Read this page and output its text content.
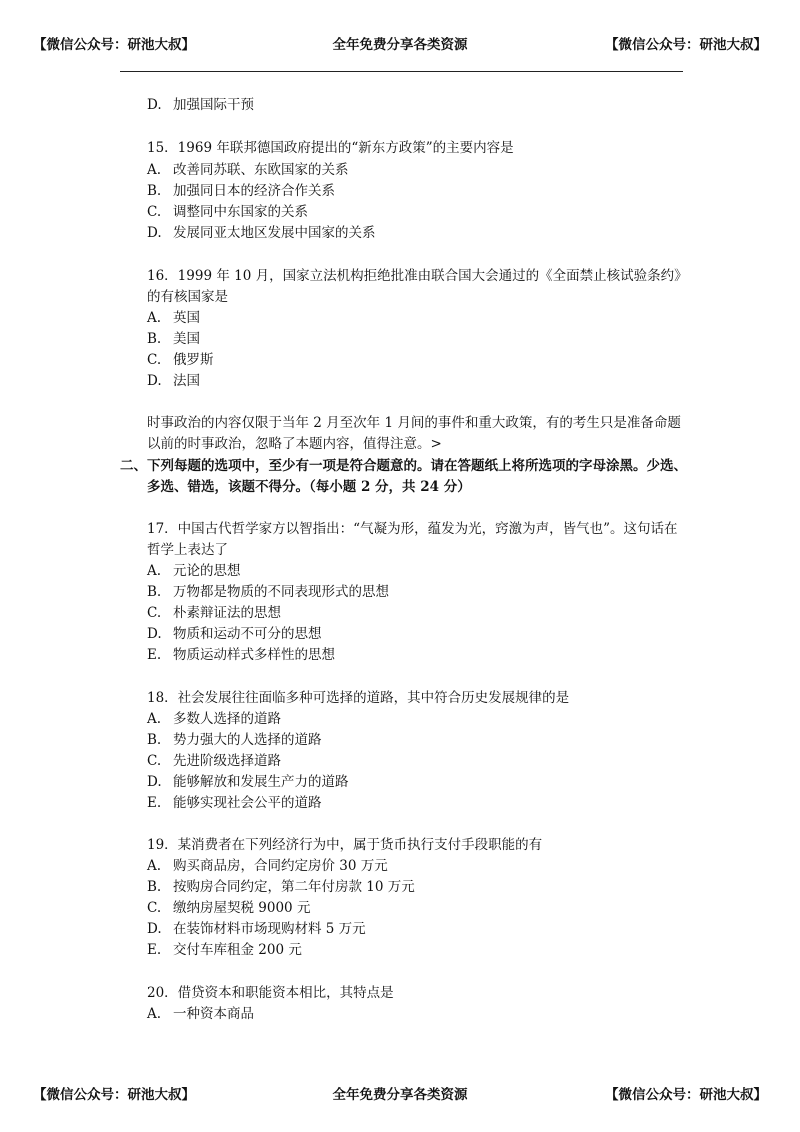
【微信公众号：研池大叔】	全年免费分享各类资源	【微信公众号：研池大叔】
D. 加强国际干预
15．1969 年联邦德国政府提出的“新东方政策”的主要内容是
A. 改善同苏联、东欧国家的关系
B. 加强同日本的经济合作关系
C. 调整同中东国家的关系
D. 发展同亚太地区发展中国家的关系
16．1999 年 10 月，国家立法机构拒绝批准由联合国大会通过的《全面禁止核试验条约》
的有核国家是
A. 英国
B. 美国
C. 俄罗斯
D. 法国
时事政治的内容仅限于当年 2 月至次年 1 月间的事件和重大政策，有的考生只是准备命题
以前的时事政治，忽略了本题内容，值得注意。>
二、下列每题的选项中，至少有一项是符合题意的。请在答题纸上将所选项的字母涂黑。少选、
多选、错选，该题不得分。（每小题 2 分，共 24 分）
17．中国古代哲学家方以智指出：“气凝为形，蕴发为光，窍激为声，皆气也”。这句话在
哲学上表达了
A. 元论的思想
B. 万物都是物质的不同表现形式的思想
C. 朴素辩证法的思想
D. 物质和运动不可分的思想
E. 物质运动样式多样性的思想
18．社会发展往往面临多种可选择的道路，其中符合历史发展规律的是
A. 多数人选择的道路
B. 势力强大的人选择的道路
C. 先进阶级选择道路
D. 能够解放和发展生产力的道路
E. 能够实现社会公平的道路
19．某消费者在下列经济行为中，属于货币执行支付手段职能的有
A. 购买商品房，合同约定房价 30 万元
B. 按购房合同约定，第二年付房款 10 万元
C. 缴纳房屋契税 9000 元
D. 在装饰材料市场现购材料 5 万元
E. 交付车库租金 200 元
20．借贷资本和职能资本相比，其特点是
A. 一种资本商品
【微信公众号：研池大叔】	全年免费分享各类资源	【微信公众号：研池大叔】
